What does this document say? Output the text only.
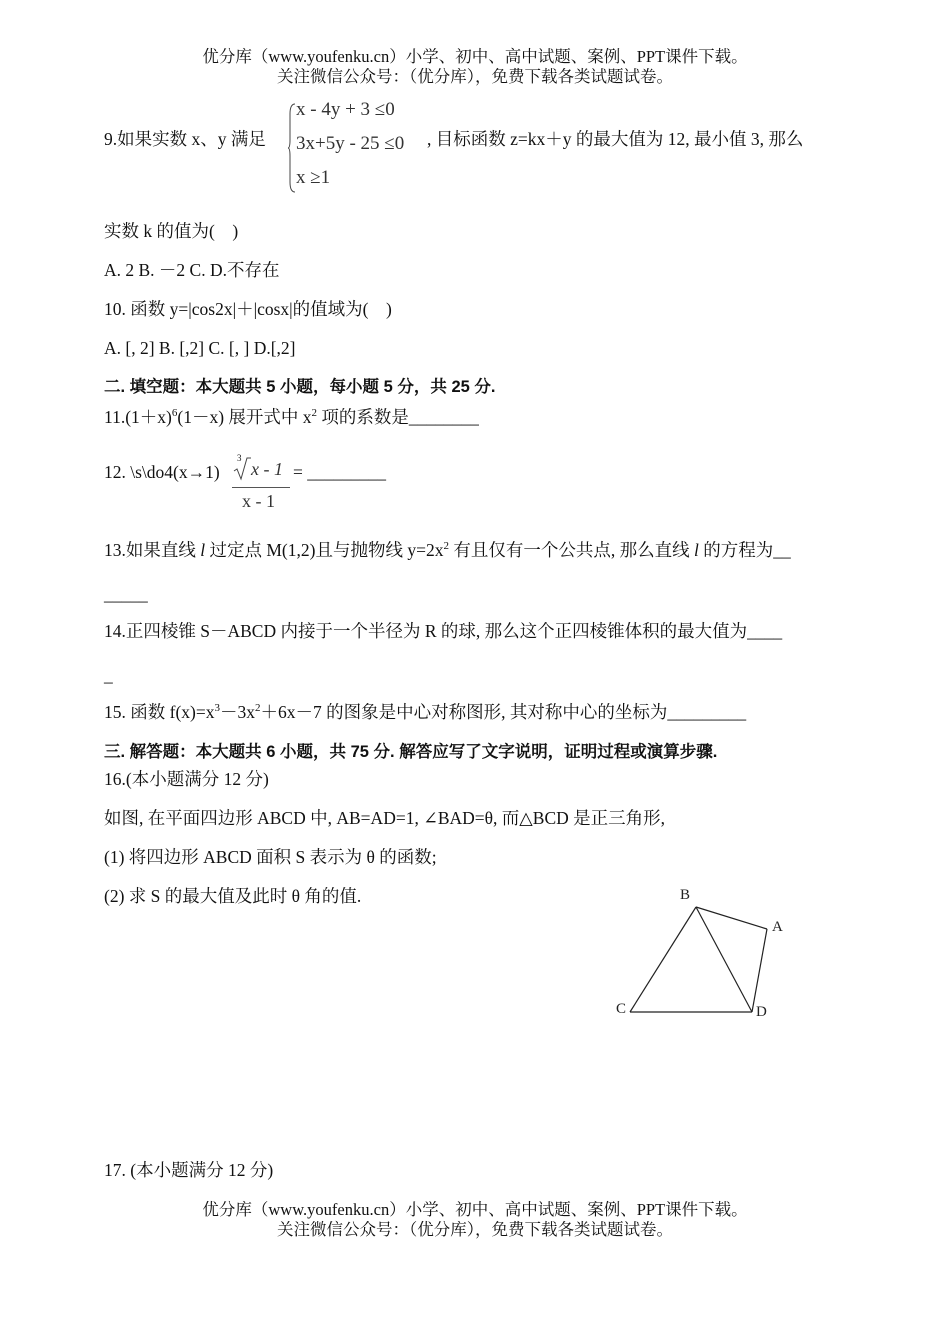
优分库（www.youfenku.cn）小学、初中、高中试题、案例、PPT课件下载。
关注微信公众号：（优分库），免费下载各类试题试卷。
9.如果实数 x、y 满足
x - 4y + 3 ≤0
3x+5y - 25 ≤0
x ≥1
, 目标函数 z=kx＋y 的最大值为 12, 最小值 3, 那么
实数 k 的值为(　)
A. 2 B. －2 C. D.不存在
10. 函数 y=|cos2x|＋|cosx|的值域为(　)
A. [, 2] B. [,2] C. [, ] D.[,2]
二. 填空题：本大题共 5 小题，每小题 5 分，共 25 分.
$11.(1+x)^6(1-x)$ 展开式中 $x^2$ 项的系数是________
12. \s\do4(x→1)
3
x - 1
x - 1
= _________
13.如果直线 l 过定点 M(1,2)且与抛物线 $y=2x^2$ 有且仅有一个公共点, 那么直线 l 的方程为__
_____
14.正四棱锥 S－ABCD 内接于一个半径为 R 的球, 那么这个正四棱锥体积的最大值为____
_
15. 函数 $f(x)=x^3-3x^2+6x-7$ 的图象是中心对称图形, 其对称中心的坐标为_________
三. 解答题：本大题共 6 小题，共 75 分. 解答应写了文字说明，证明过程或演算步骤.
16.(本小题满分 12 分)
如图, 在平面四边形 ABCD 中, AB=AD=1, ∠BAD=θ, 而△BCD 是正三角形,
(1) 将四边形 ABCD 面积 S 表示为 θ 的函数;
(2) 求 S 的最大值及此时 θ 角的值.	B
A
C	D
17. (本小题满分 12 分)
优分库（www.youfenku.cn）小学、初中、高中试题、案例、PPT课件下载。
关注微信公众号：（优分库），免费下载各类试题试卷。
